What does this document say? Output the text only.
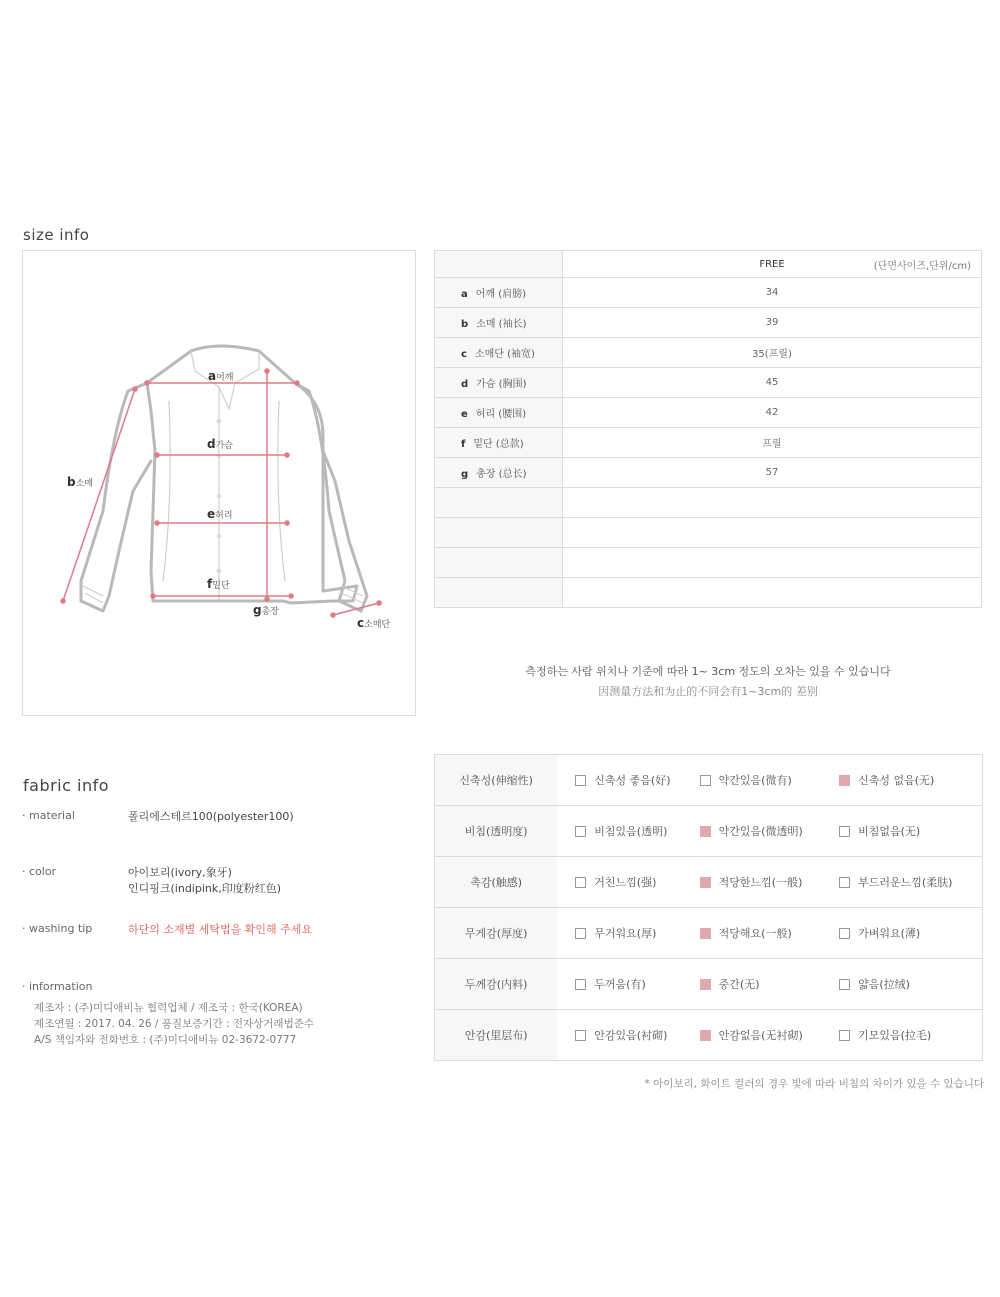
size info
a어깨
b소매
c소매단
d가슴
e허리
f밑단
g총장
	FREE (단면사이즈,단위/cm)

a 어깨 (肩膀)	34
b 소매 (袖长)	39
c 소매단 (袖宽)	35(프릴)
d 가슴 (胸围)	45
e 허리 (腰围)	42
f 밑단 (总款)	프릴
g 총장 (总长)	57

측정하는 사람 위치나 기준에 따라 1~ 3cm 정도의 오차는 있을 수 있습니다
因测量方法和为止的不同会有1~3cm的 差别
fabric info
· material	폴리에스테르100(polyester100)
· color	아이보리(ivory,象牙)
인디핑크(indipink,印度粉红色)
· washing tip	하단의 소재별 세탁법을 확인해 주세요
· information
제조자 : (주)미디애비뉴 협력업체 / 제조국 : 한국(KOREA)
제조연월 : 2017. 04. 26 / 품질보증기간 : 전자상거래법준수
A/S 책임자와 전화번호 : (주)미디애비뉴 02-3672-0777
신축성(伸缩性)	신축성 좋음(好)	약간있음(微有)	신축성 없음(无)

비침(透明度)	비침있음(透明)	약간있음(微透明)	비침없음(无)

촉감(触感)	거친느낌(强)	적당한느낌(一般)	부드러운느낌(柔肤)

무게감(厚度)	무거워요(厚)	적당해요(一般)	가벼워요(薄)

두께감(内料)	두꺼움(有)	중간(无)	얇음(拉绒)

안감(里层布)	안감있음(衬砌)	안감없음(无衬砌)	기모있음(拉毛)
* 아이보리, 화이트 컬러의 경우 빛에 따라 비침의 차이가 있을 수 있습니다
